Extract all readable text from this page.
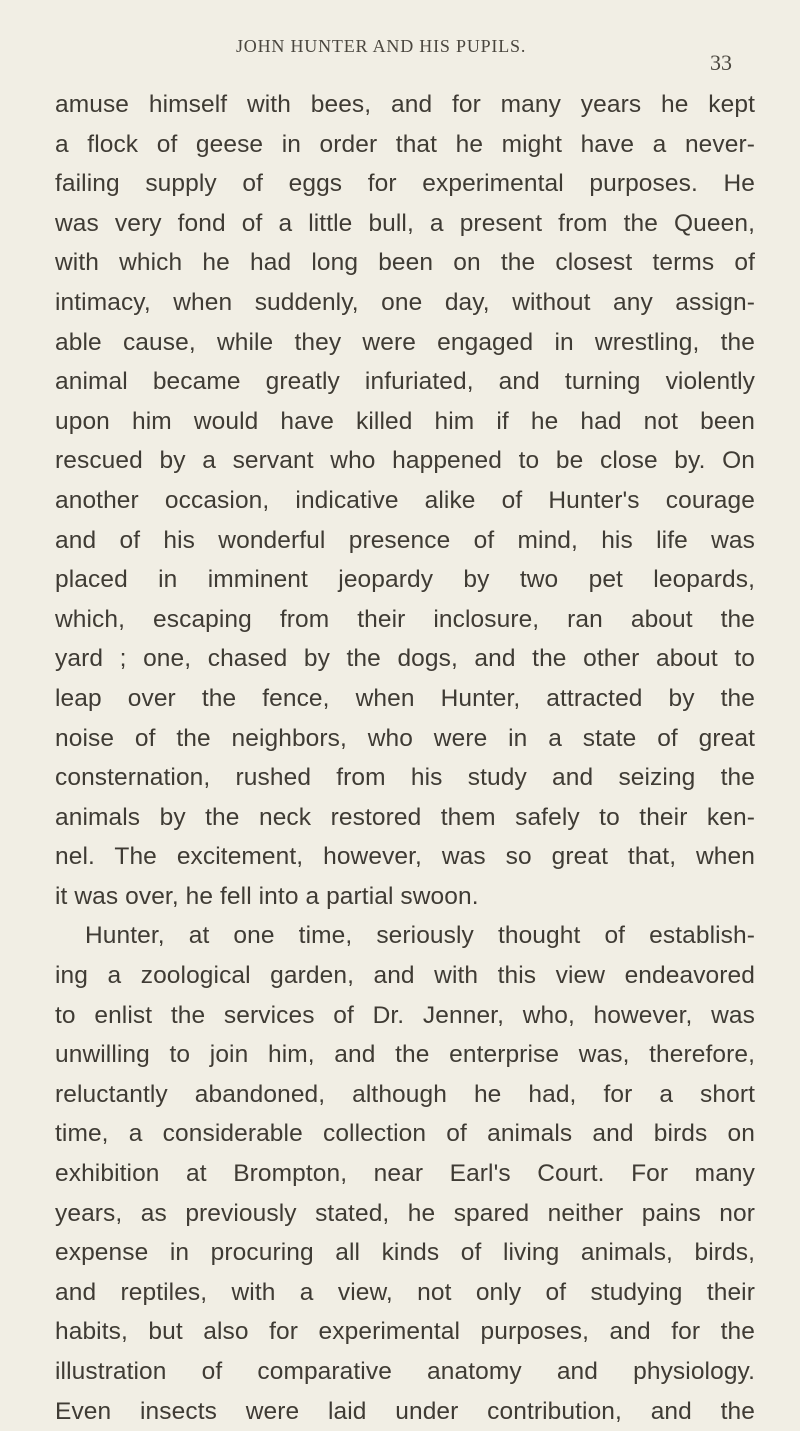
JOHN HUNTER AND HIS PUPILS.
33
amuse himself with bees, and for many years he kept
a flock of geese in order that he might have a never-
failing supply of eggs for experimental purposes. He
was very fond of a little bull, a present from the Queen,
with which he had long been on the closest terms of
intimacy, when suddenly, one day, without any assign-
able cause, while they were engaged in wrestling, the
animal became greatly infuriated, and turning violently
upon him would have killed him if he had not been
rescued by a servant who happened to be close by. On
another occasion, indicative alike of Hunter's courage
and of his wonderful presence of mind, his life was
placed in imminent jeopardy by two pet leopards,
which, escaping from their inclosure, ran about the
yard ; one, chased by the dogs, and the other about to
leap over the fence, when Hunter, attracted by the
noise of the neighbors, who were in a state of great
consternation, rushed from his study and seizing the
animals by the neck restored them safely to their ken-
nel. The excitement, however, was so great that, when
it was over, he fell into a partial swoon.
Hunter, at one time, seriously thought of establish-
ing a zoological garden, and with this view endeavored
to enlist the services of Dr. Jenner, who, however, was
unwilling to join him, and the enterprise was, therefore,
reluctantly abandoned, although he had, for a short
time, a considerable collection of animals and birds on
exhibition at Brompton, near Earl's Court. For many
years, as previously stated, he spared neither pains nor
expense in procuring all kinds of living animals, birds,
and reptiles, with a view, not only of studying their
habits, but also for experimental purposes, and for the
illustration of comparative anatomy and physiology.
Even insects were laid under contribution, and the
